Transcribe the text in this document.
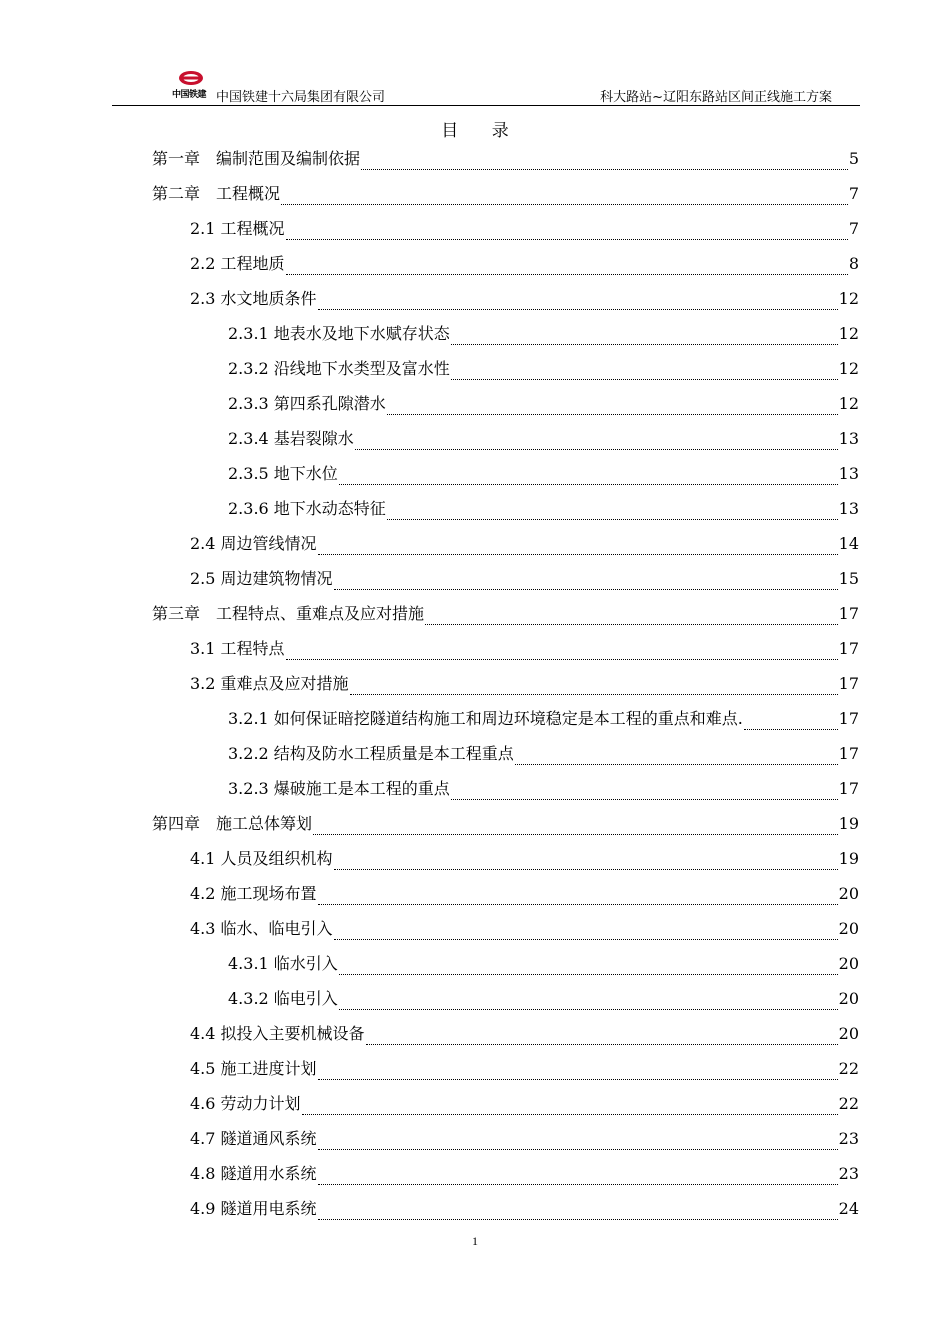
中国铁建 中国铁建十六局集团有限公司	科大路站~辽阳东路站区间正线施工方案
目 录
第一章　编制范围及编制依据	5
第二章　工程概况	7
2.1 工程概况	7
2.2 工程地质	8
2.3 水文地质条件	12
2.3.1 地表水及地下水赋存状态	12
2.3.2 沿线地下水类型及富水性	12
2.3.3 第四系孔隙潜水	12
2.3.4 基岩裂隙水	13
2.3.5 地下水位	13
2.3.6 地下水动态特征	13
2.4 周边管线情况	14
2.5 周边建筑物情况	15
第三章　工程特点、重难点及应对措施	17
3.1 工程特点	17
3.2 重难点及应对措施	17
3.2.1 如何保证暗挖隧道结构施工和周边环境稳定是本工程的重点和难点.	17
3.2.2 结构及防水工程质量是本工程重点	17
3.2.3 爆破施工是本工程的重点	17
第四章　施工总体筹划	19
4.1 人员及组织机构	19
4.2 施工现场布置	20
4.3 临水、临电引入	20
4.3.1 临水引入	20
4.3.2 临电引入	20
4.4 拟投入主要机械设备	20
4.5 施工进度计划	22
4.6 劳动力计划	22
4.7 隧道通风系统	23
4.8 隧道用水系统	23
4.9 隧道用电系统	24
1
